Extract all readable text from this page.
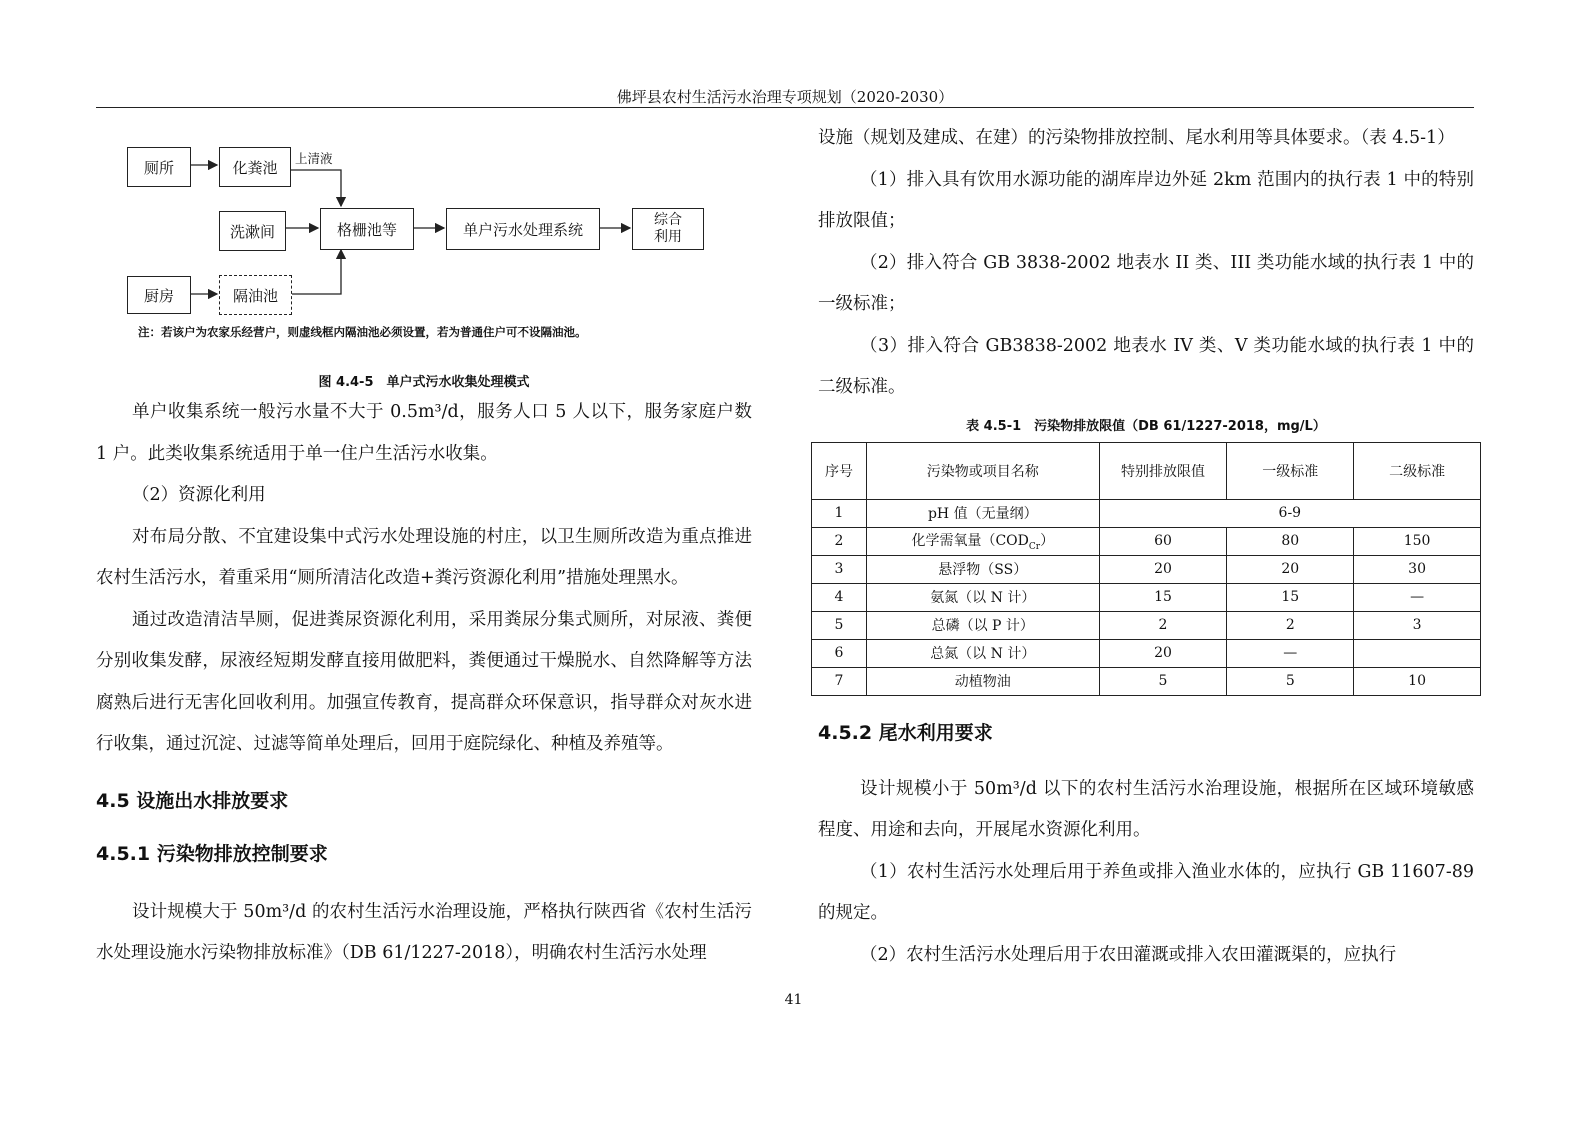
佛坪县农村生活污水治理专项规划（2020-2030）
厕所	化粪池	上清液
洗漱间	格栅池等	单户污水处理系统
综合
利用
厨房	隔油池
注：若该户为农家乐经营户，则虚线框内隔油池必须设置，若为普通住户可不设隔油池。

图 4.4-5　单户式污水收集处理模式

单户收集系统一般污水量不大于 0.5m³/d，服务人口 5 人以下，服务家庭户数 1 户。此类收集系统适用于单一住户生活污水收集。

（2）资源化利用

对布局分散、不宜建设集中式污水处理设施的村庄，以卫生厕所改造为重点推进农村生活污水，着重采用“厕所清洁化改造+粪污资源化利用”措施处理黑水。

通过改造清洁旱厕，促进粪尿资源化利用，采用粪尿分集式厕所，对尿液、粪便分别收集发酵，尿液经短期发酵直接用做肥料，粪便通过干燥脱水、自然降解等方法腐熟后进行无害化回收利用。加强宣传教育，提高群众环保意识，指导群众对灰水进行收集，通过沉淀、过滤等简单处理后，回用于庭院绿化、种植及养殖等。

4.5 设施出水排放要求

4.5.1 污染物排放控制要求

设计规模大于 50m³/d 的农村生活污水治理设施，严格执行陕西省《农村生活污水处理设施水污染物排放标准》（DB 61/1227-2018），明确农村生活污水处理

设施（规划及建成、在建）的污染物排放控制、尾水利用等具体要求。（表 4.5-1）

（1）排入具有饮用水源功能的湖库岸边外延 2km 范围内的执行表 1 中的特别排放限值；

（2）排入符合 GB 3838-2002 地表水 II 类、III 类功能水域的执行表 1 中的一级标准；

（3）排入符合 GB3838-2002 地表水 IV 类、V 类功能水域的执行表 1 中的二级标准。

表 4.5-1　污染物排放限值（DB 61/1227-2018，mg/L）

序号	污染物或项目名称	特别排放限值	一级标准	二级标准
1	pH 值（无量纲）	6-9		
2	化学需氧量$(COD_{Cr})$	60	80	150
3	悬浮物（SS）	20	20	30
4	氨氮（以 N 计）	15	15	—
5	总磷（以 P 计）	2	2	3
6	总氮（以 N 计）	20	—	
7	动植物油	5	5	10

4.5.2 尾水利用要求

设计规模小于 50m³/d 以下的农村生活污水治理设施，根据所在区域环境敏感程度、用途和去向，开展尾水资源化利用。

（1）农村生活污水处理后用于养鱼或排入渔业水体的，应执行 GB 11607-89 的规定。

（2）农村生活污水处理后用于农田灌溉或排入农田灌溉渠的，应执行

41
